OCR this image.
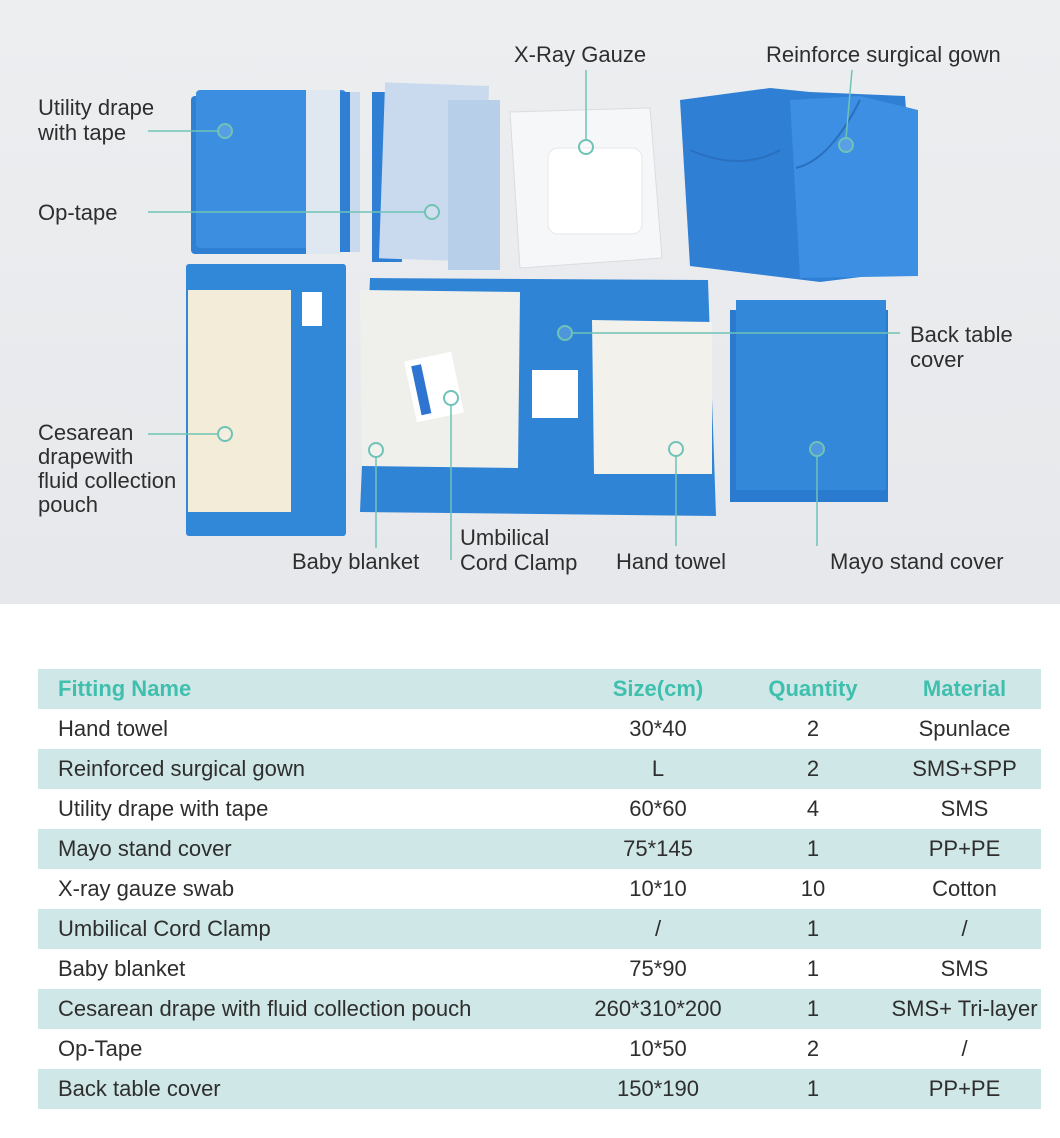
Utility drape
with tape
Op-tape
X-Ray Gauze	Reinforce surgical gown
Back table
cover
Cesarean
drapewith
fluid collection
pouch
Baby blanket
Umbilical
Cord Clamp Hand towel	Mayo stand cover
Fitting Name	Size(cm)	Quantity	Material
Hand towel	30*40	2	Spunlace
Reinforced surgical gown	L	2	SMS+SPP
Utility drape with tape	60*60	4	SMS
Mayo stand cover	75*145	1	PP+PE
X-ray gauze swab	10*10	10	Cotton
Umbilical Cord Clamp	/	1	/
Baby blanket	75*90	1	SMS
Cesarean drape with fluid collection pouch	260*310*200	1	SMS+ Tri-layer
Op-Tape	10*50	2	/
Back table cover	150*190	1	PP+PE
